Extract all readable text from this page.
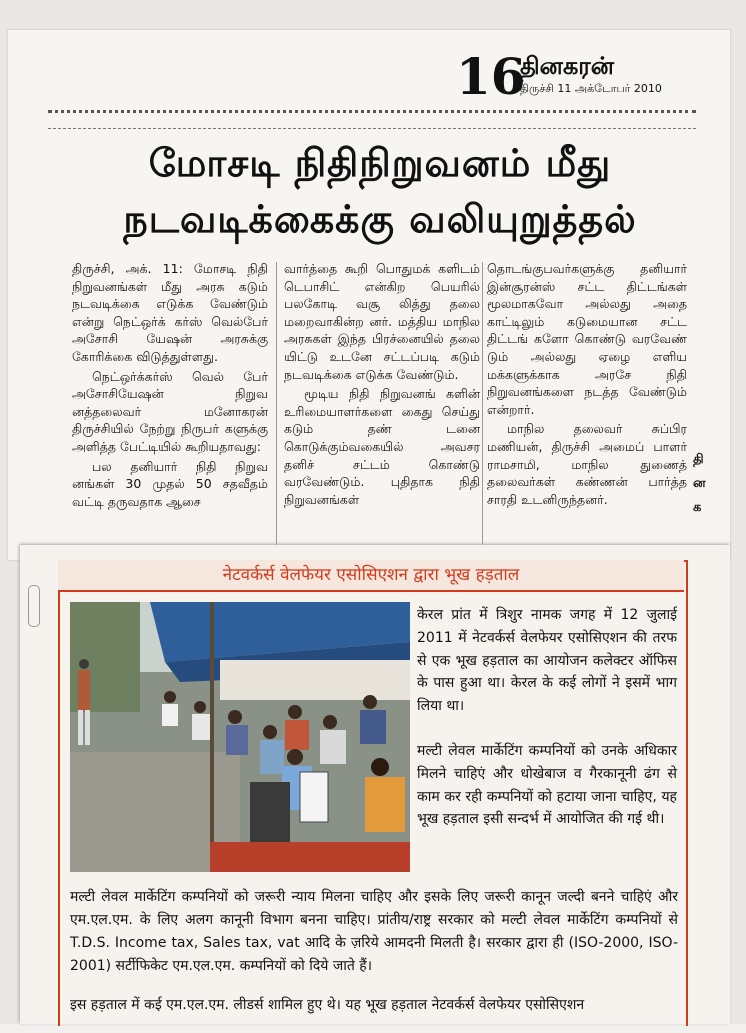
16
தினகரன்
திருச்சி 11 அக்டோபர் 2010
மோசடி நிதிநிறுவனம் மீது
நடவடிக்கைக்கு வலியுறுத்தல்

திருச்சி, அக். 11: மோசடி நிதி நிறுவனங்கள் மீது அரசு கடும் நடவடிக்கை எடுக்க வேண்டும் என்று நெட்ஒர்க் கர்ஸ் வெல்பேர் அசோசி யேஷன் அரசுக்கு கோரிக்கை விடுத்துள்ளது.

நெட்ஒர்க்கர்ஸ் வெல் பேர் அசோசியேஷன் நிறுவ னத்தலைவர் மனோகரன் திருச்சியில் நேற்று நிருபர் களுக்கு அளித்த பேட்டியில் கூறியதாவது:

பல தனியார் நிதி நிறுவ னங்கள் 30 முதல் 50 சதவீதம் வட்டி தருவதாக ஆசை

வார்த்தை கூறி பொதுமக் களிடம் டெபாசிட் என்கிற பெயரில் பலகோடி வசூ லித்து தலை மறைவாகின்ற னர். மத்திய மாநில அரசுகள் இந்த பிரச்னையில் தலை யிட்டு உடனே சட்டப்படி கடும் நடவடிக்கை எடுக்க வேண்டும்.

மூடிய நிதி நிறுவனங் களின் உரிமையாளர்களை கைது செய்து கடும் தண் டனை கொடுக்கும்வகையில் அவசர தனிச் சட்டம் கொண்டு வரவேண்டும். புதிதாக நிதி நிறுவனங்கள்

தொடங்குபவர்களுக்கு தனியார் இன்சூரன்ஸ் சட்ட திட்டங்கள் மூலமாகவோ அல்லது அதை காட்டிலும் கடுமையான சட்ட திட்டங் களோ கொண்டு வரவேண் டும் அல்லது ஏழை எளிய மக்களுக்காக அரசே நிதி நிறுவனங்களை நடத்த வேண்டும் என்றார்.

மாநில தலைவர் சுப்பிர மணியன், திருச்சி அமைப் பாளர் ராமசாமி, மாநில துணைத் தலைவர்கள் கண்ணன் பார்த்த சாரதி உடனிருந்தனர்.

தி ன க
नेटवर्कर्स वेलफेयर एसोसिएशन द्वारा भूख हड़ताल

केरल प्रांत में त्रिशुर नामक जगह में 12 जुलाई 2011 में नेटवर्कर्स वेलफेयर एसोसिएशन की तरफ से एक भूख हड़ताल का आयोजन कलेक्टर ऑफिस के पास हुआ था। केरल के कई लोगों ने इसमें भाग लिया था।

मल्टी लेवल मार्केटिंग कम्पनियों को उनके अधिकार मिलने चाहिएं और धोखेबाज व गैरकानूनी ढंग से काम कर रही कम्पनियों को हटाया जाना चाहिए, यह भूख हड़ताल इसी सन्दर्भ में आयोजित की गई थी।

मल्टी लेवल मार्केटिंग कम्पनियों को जरूरी न्याय मिलना चाहिए और इसके लिए जरूरी कानून जल्दी बनने चाहिएं और एम.एल.एम. के लिए अलग कानूनी विभाग बनना चाहिए। प्रांतीय/राष्ट्र सरकार को मल्टी लेवल मार्केटिंग कम्पनियों से T.D.S. Income tax, Sales tax, vat आदि के ज़रिये आमदनी मिलती है। सरकार द्वारा ही (ISO-2000, ISO-2001) सर्टीफिकेट एम.एल.एम. कम्पनियों को दिये जाते हैं।

इस हड़ताल में कई एम.एल.एम. लीडर्स शामिल हुए थे। यह भूख हड़ताल नेटवर्कर्स वेलफेयर एसोसिएशन
